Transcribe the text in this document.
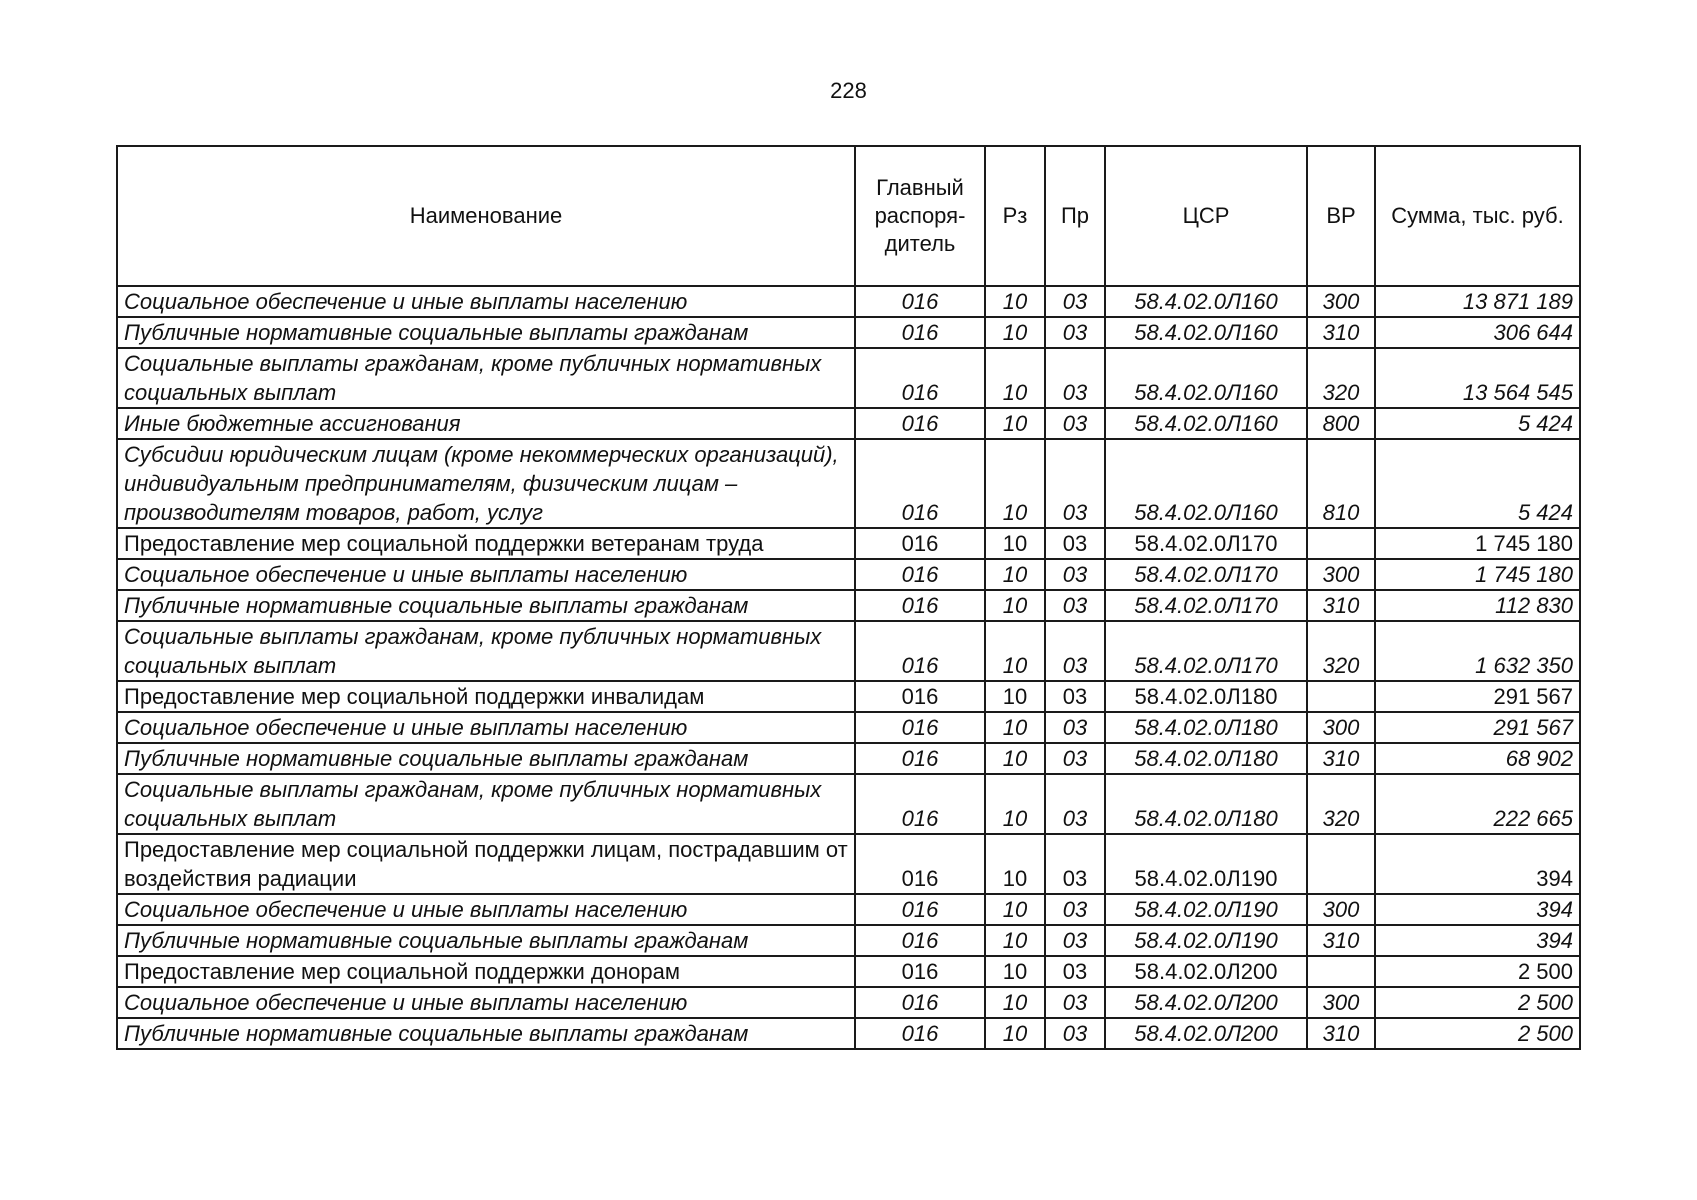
228
Наименование	Главный распоря-дитель	Рз	Пр	ЦСР	ВР	Сумма, тыс. руб.
Социальное обеспечение и иные выплаты населению	016	10	03	58.4.02.0Л160	300	13 871 189
Публичные нормативные социальные выплаты гражданам	016	10	03	58.4.02.0Л160	310	306 644
Социальные выплаты гражданам, кроме публичных нормативных социальных выплат	016	10	03	58.4.02.0Л160	320	13 564 545
Иные бюджетные ассигнования	016	10	03	58.4.02.0Л160	800	5 424
Субсидии юридическим лицам (кроме некоммерческих организаций), индивидуальным предпринимателям, физическим лицам – производителям товаров, работ, услуг	016	10	03	58.4.02.0Л160	810	5 424
Предоставление мер социальной поддержки ветеранам труда	016	10	03	58.4.02.0Л170		1 745 180
Социальное обеспечение и иные выплаты населению	016	10	03	58.4.02.0Л170	300	1 745 180
Публичные нормативные социальные выплаты гражданам	016	10	03	58.4.02.0Л170	310	112 830
Социальные выплаты гражданам, кроме публичных нормативных социальных выплат	016	10	03	58.4.02.0Л170	320	1 632 350
Предоставление мер социальной поддержки инвалидам	016	10	03	58.4.02.0Л180		291 567
Социальное обеспечение и иные выплаты населению	016	10	03	58.4.02.0Л180	300	291 567
Публичные нормативные социальные выплаты гражданам	016	10	03	58.4.02.0Л180	310	68 902
Социальные выплаты гражданам, кроме публичных нормативных социальных выплат	016	10	03	58.4.02.0Л180	320	222 665
Предоставление мер социальной поддержки лицам, пострадавшим от воздействия радиации	016	10	03	58.4.02.0Л190		394
Социальное обеспечение и иные выплаты населению	016	10	03	58.4.02.0Л190	300	394
Публичные нормативные социальные выплаты гражданам	016	10	03	58.4.02.0Л190	310	394
Предоставление мер социальной поддержки донорам	016	10	03	58.4.02.0Л200		2 500
Социальное обеспечение и иные выплаты населению	016	10	03	58.4.02.0Л200	300	2 500
Публичные нормативные социальные выплаты гражданам	016	10	03	58.4.02.0Л200	310	2 500
